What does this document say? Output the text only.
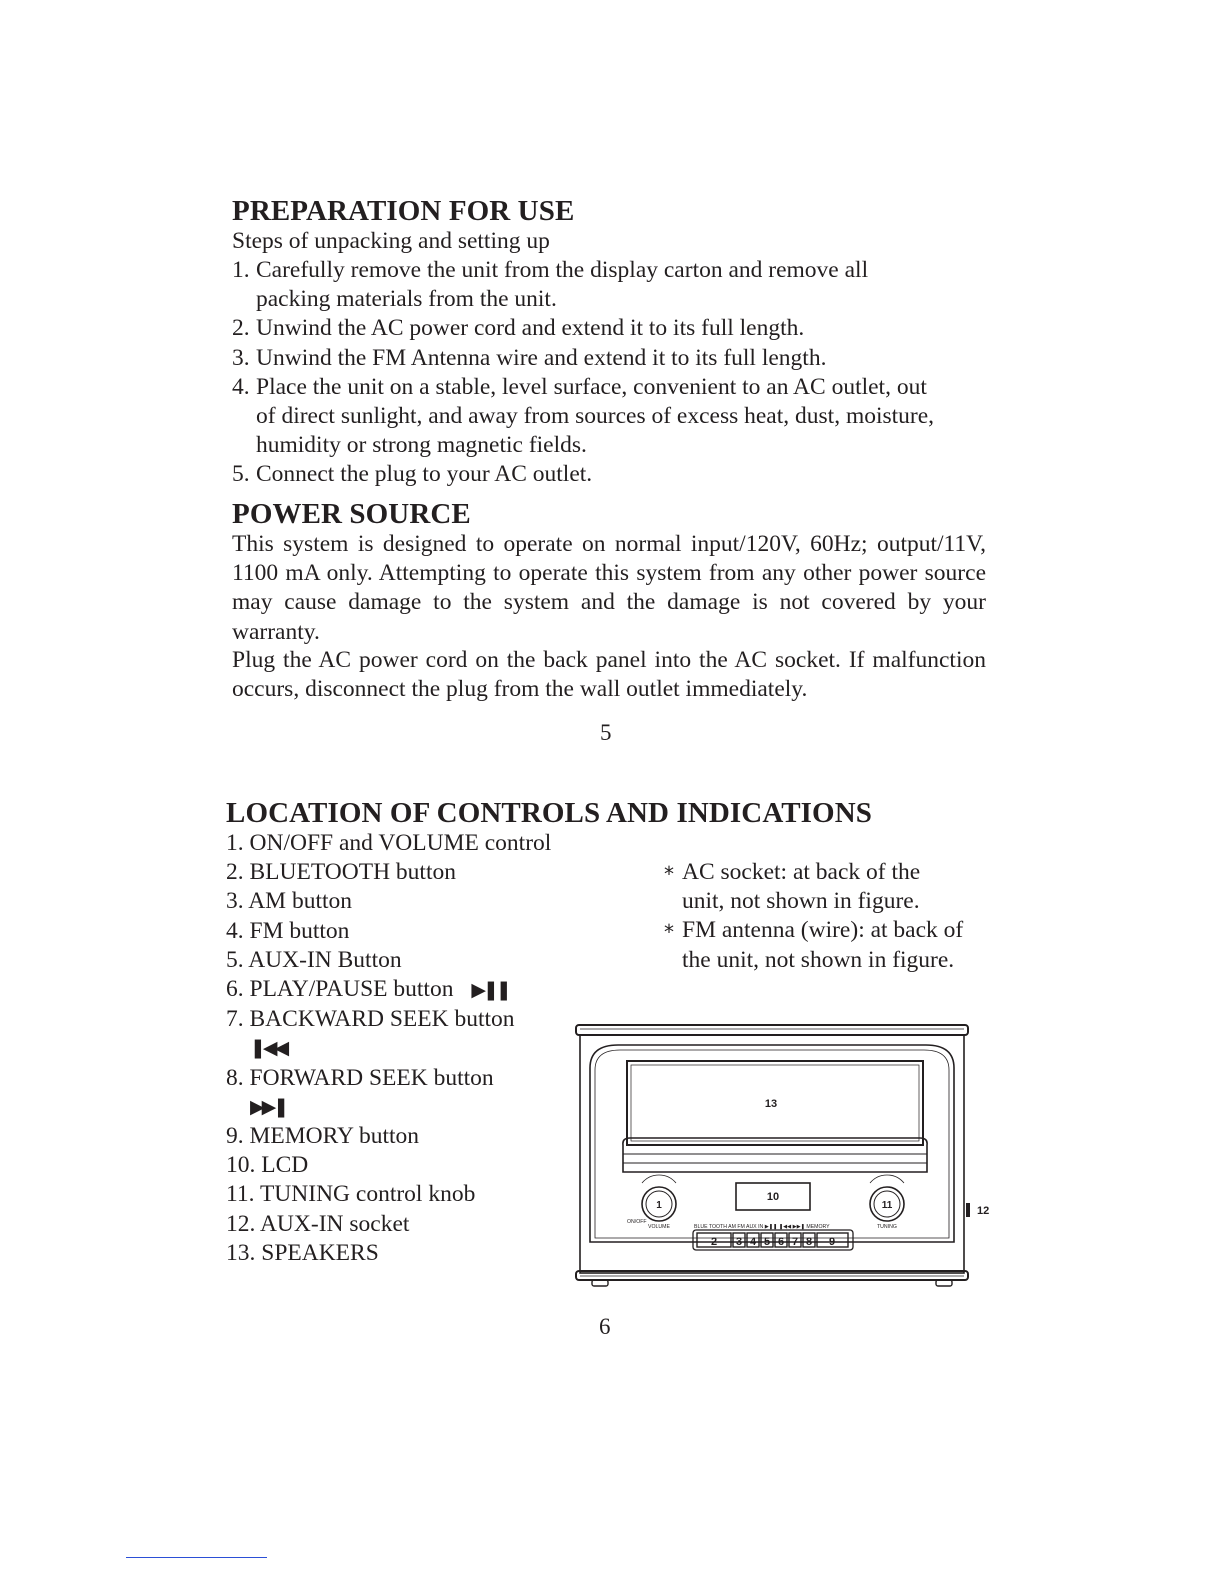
PREPARATION FOR USE
Steps of unpacking and setting up
1. Carefully remove the unit from the display carton and remove all
packing materials from the unit.
2. Unwind the AC power cord and extend it to its full length.
3. Unwind the FM Antenna wire and extend it to its full length.
4. Place the unit on a stable, level surface, convenient to an AC outlet, out
of direct sunlight, and away from sources of excess heat, dust, moisture,
humidity or strong magnetic fields.
5. Connect the plug to your AC outlet.
POWER SOURCE
This system is designed to operate on normal input/120V, 60Hz; output/11V, 1100 mA only. Attempting to operate this system from any other power source may cause damage to the system and the damage is not covered by your warranty.
Plug the AC power cord on the back panel into the AC socket. If malfunction occurs, disconnect the plug from the wall outlet immediately.
5
LOCATION OF CONTROLS AND INDICATIONS
1. ON/OFF and VOLUME control
2. BLUETOOTH button
3. AM button
4. FM button
5. AUX-IN Button
6. PLAY/PAUSE button ▶❚❚
7. BACKWARD SEEK button
❚◀◀
8. FORWARD SEEK button
▶▶❚
9. MEMORY button
10. LCD
11. TUNING control knob
12. AUX-IN socket
13. SPEAKERS
* AC socket: at back of the
unit, not shown in figure.
* FM antenna (wire): at back of
the unit, not shown in figure.
13
10
1	11	12
2 3 4 5 6 7 8 9
ON/OFF
VOLUME	BLUE TOOTH AM FM AUX IN ▶❚❚ ❚◀◀ ▶▶❚ MEMORY	TUNING
6
